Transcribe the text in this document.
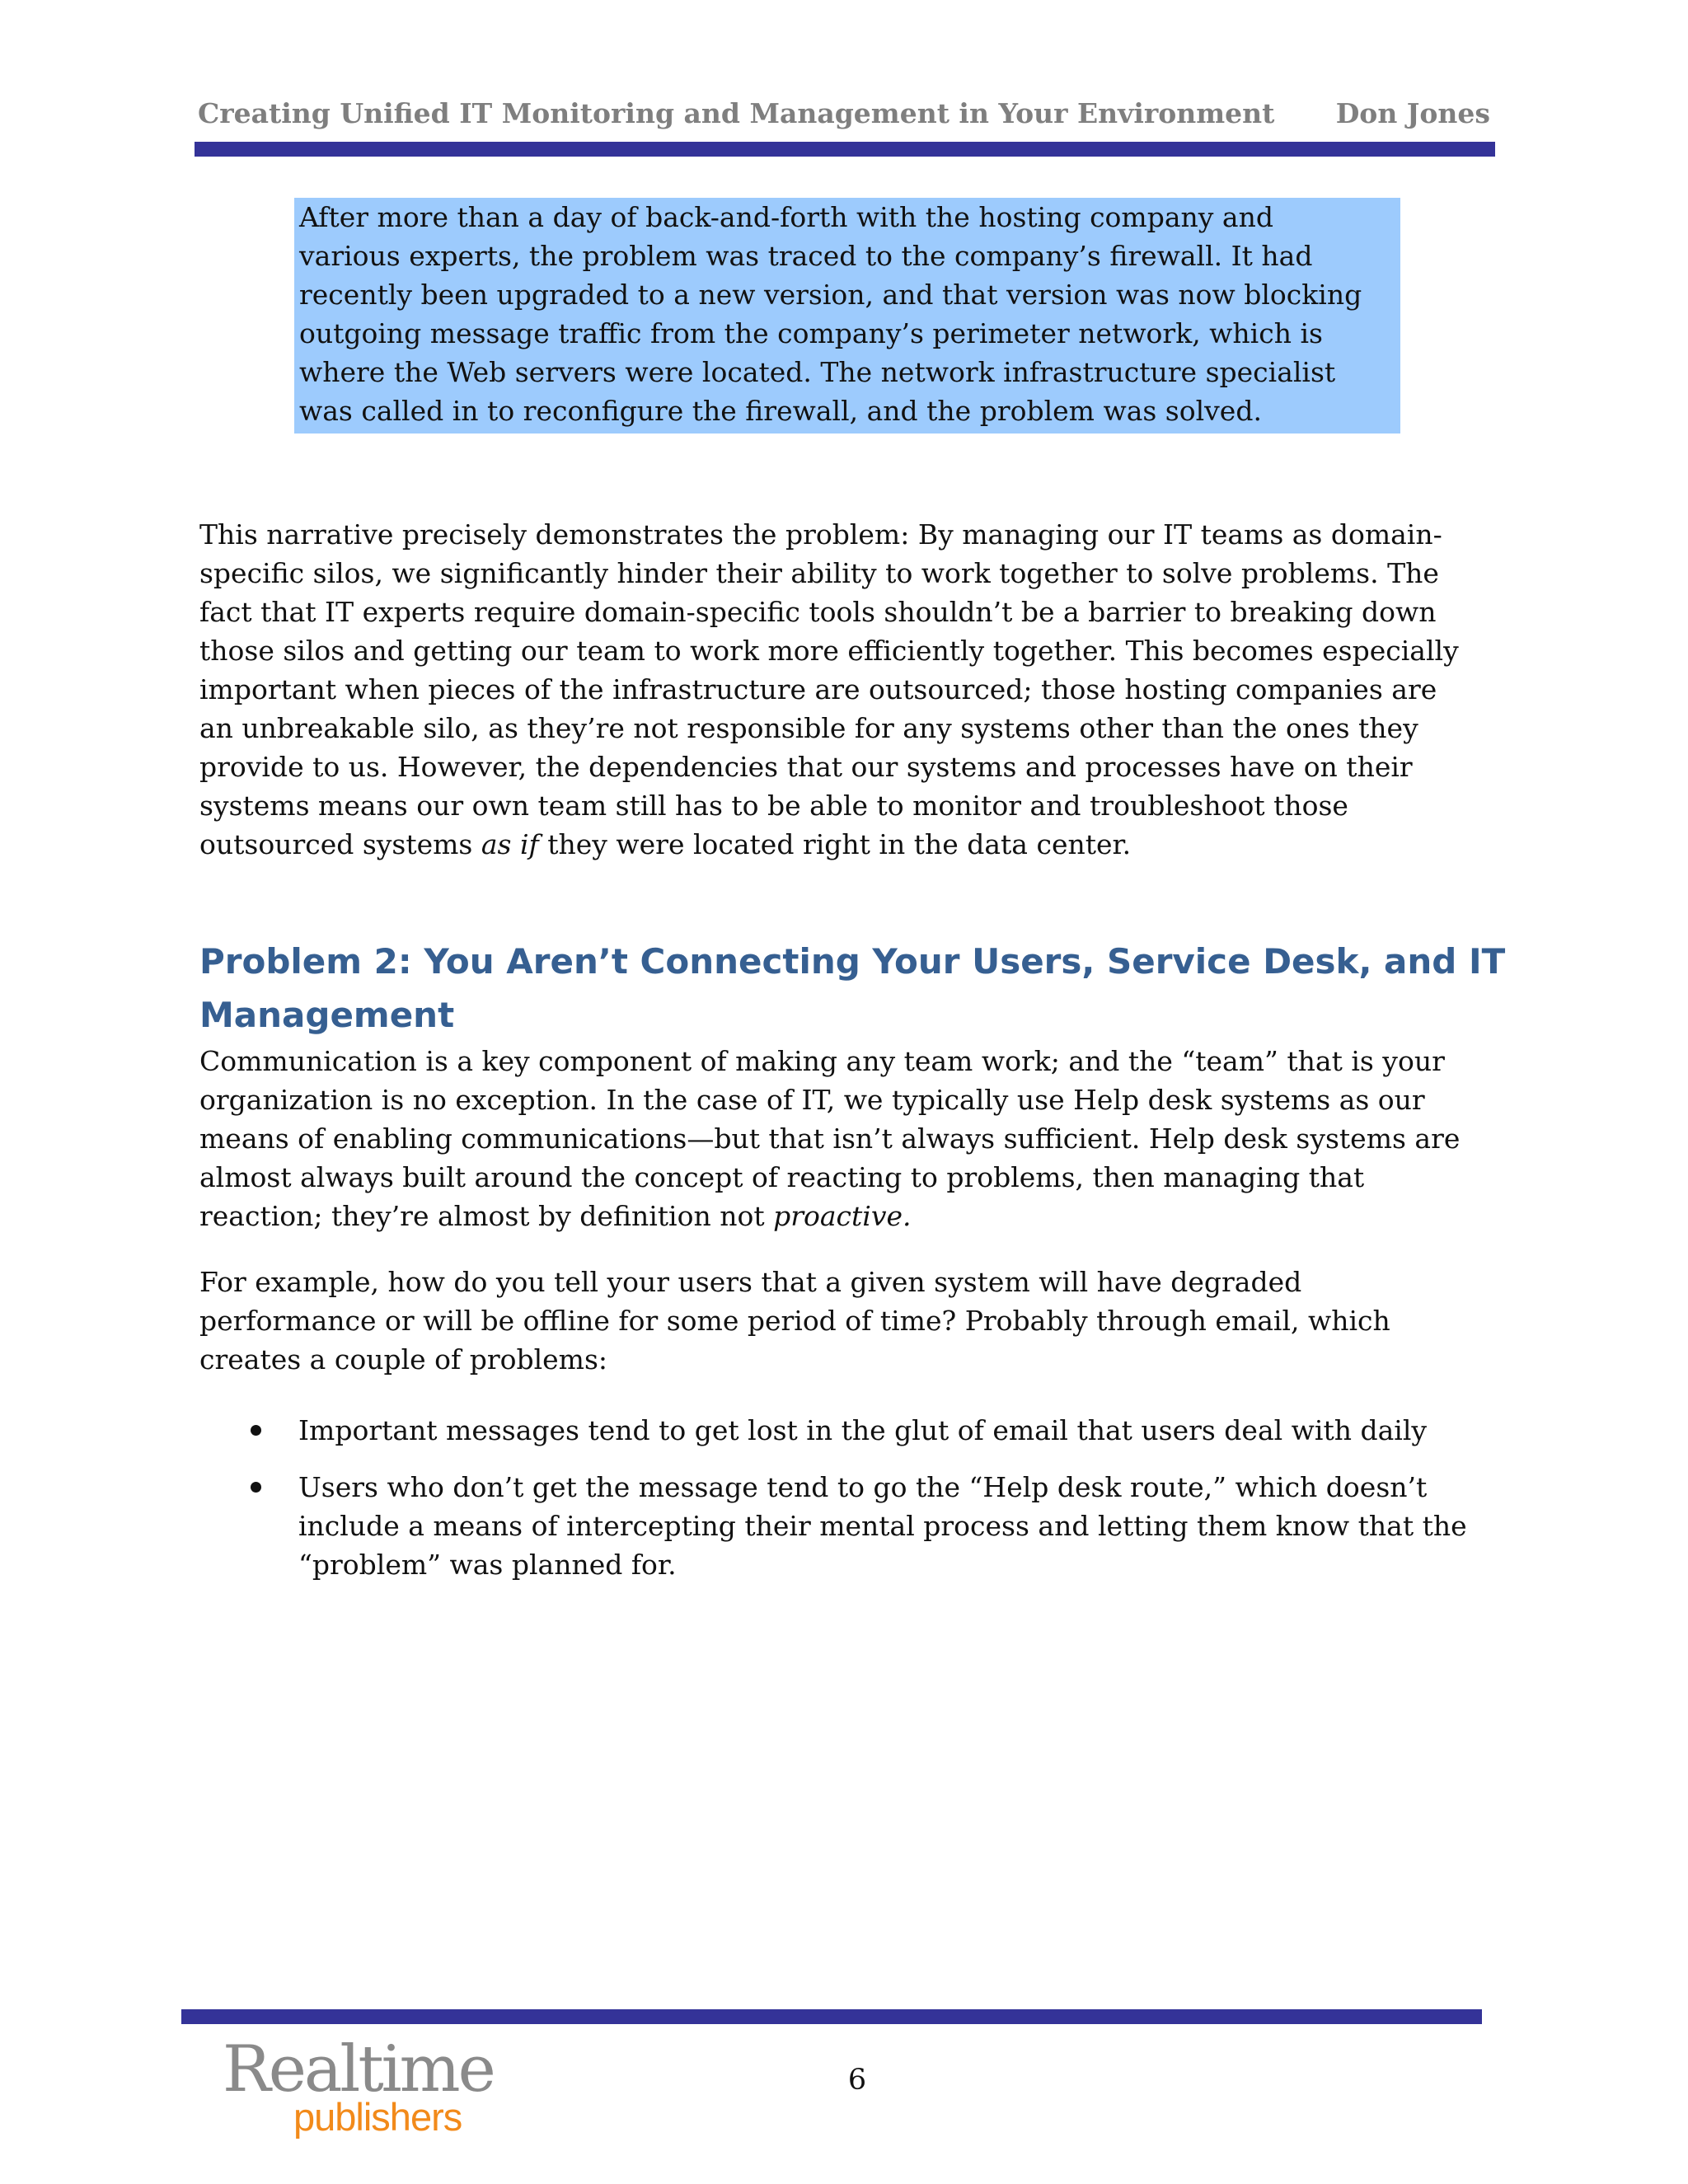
Creating Unified IT Monitoring and Management in Your Environment Don Jones
After more than a day of back-and-forth with the hosting company and
various experts, the problem was traced to the company’s firewall. It had
recently been upgraded to a new version, and that version was now blocking
outgoing message traffic from the company’s perimeter network, which is
where the Web servers were located. The network infrastructure specialist
was called in to reconfigure the firewall, and the problem was solved.
This narrative precisely demonstrates the problem: By managing our IT teams as domain-
specific silos, we significantly hinder their ability to work together to solve problems. The
fact that IT experts require domain-specific tools shouldn’t be a barrier to breaking down
those silos and getting our team to work more efficiently together. This becomes especially
important when pieces of the infrastructure are outsourced; those hosting companies are
an unbreakable silo, as they’re not responsible for any systems other than the ones they
provide to us. However, the dependencies that our systems and processes have on their
systems means our own team still has to be able to monitor and troubleshoot those
outsourced systems as if they were located right in the data center.
Problem 2: You Aren’t Connecting Your Users, Service Desk, and IT
Management
Communication is a key component of making any team work; and the “team” that is your
organization is no exception. In the case of IT, we typically use Help desk systems as our
means of enabling communications—but that isn’t always sufficient. Help desk systems are
almost always built around the concept of reacting to problems, then managing that
reaction; they’re almost by definition not proactive.
For example, how do you tell your users that a given system will have degraded
performance or will be offline for some period of time? Probably through email, which
creates a couple of problems:
Important messages tend to get lost in the glut of email that users deal with daily
Users who don’t get the message tend to go the “Help desk route,” which doesn’t
include a means of intercepting their mental process and letting them know that the
“problem” was planned for.
Realtime
publishers
6
